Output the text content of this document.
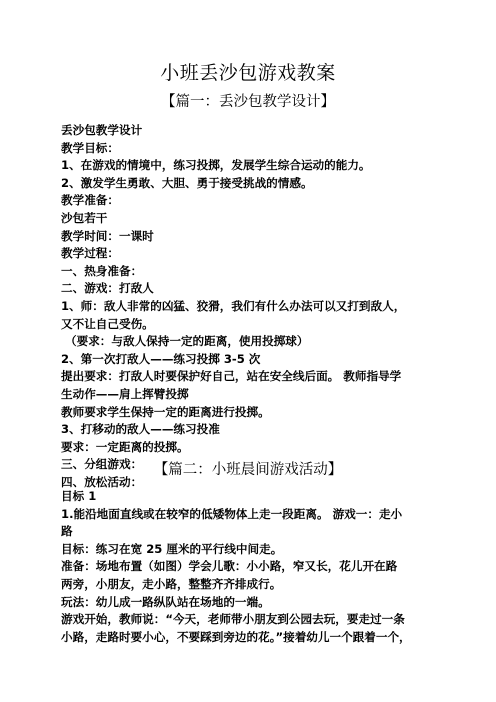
小班丢沙包游戏教案
【篇一：丢沙包教学设计】
丢沙包教学设计
教学目标：
1、在游戏的情境中，练习投掷，发展学生综合运动的能力。
2、激发学生勇敢、大胆、勇于接受挑战的情感。
教学准备：
沙包若干
教学时间：一课时
教学过程：
一、热身准备：
二、游戏：打敌人
1、师：敌人非常的凶猛、狡猾，我们有什么办法可以又打到敌人，
又不让自己受伤。
（要求：与敌人保持一定的距离，使用投掷球）
2、第一次打敌人——练习投掷 3-5 次
提出要求：打敌人时要保护好自己，站在安全线后面。 教师指导学
生动作——肩上挥臂投掷
教师要求学生保持一定的距离进行投掷。
3、打移动的敌人——练习投准
要求：一定距离的投掷。
三、分组游戏：
四、放松活动：
【篇二：小班晨间游戏活动】
目标 1
1.能沿地面直线或在较窄的低矮物体上走一段距离。 游戏一：走小
路
目标：练习在宽 25 厘米的平行线中间走。
准备：场地布置（如图）学会儿歌：小小路，窄又长，花儿开在路
两旁，小朋友，走小路，整整齐齐排成行。
玩法：幼儿成一路纵队站在场地的一端。
游戏开始，教师说：“今天，老师带小朋友到公园去玩，要走过一条
小路，走路时要小心，不要踩到旁边的花。”接着幼儿一个跟着一个，
